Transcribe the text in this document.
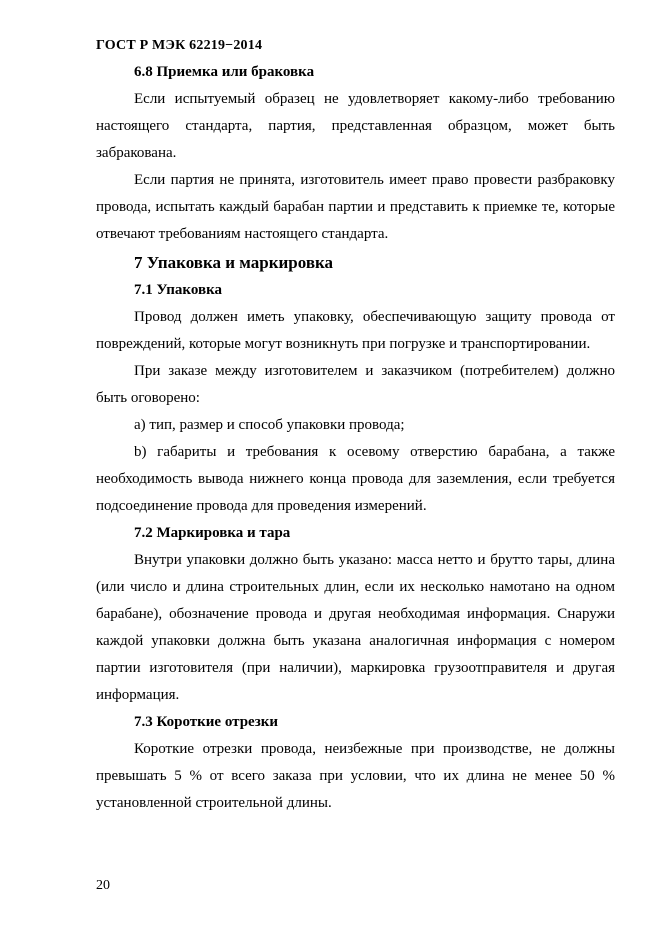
ГОСТ Р МЭК 62219−2014
6.8 Приемка или браковка

Если испытуемый образец не удовлетворяет какому-либо требованию настоящего стандарта, партия, представленная образцом, может быть забракована.

Если партия не принята, изготовитель имеет право провести разбраковку провода, испытать каждый барабан партии и представить к приемке те, которые отвечают требованиям настоящего стандарта.

7 Упаковка и маркировка
7.1 Упаковка

Провод должен иметь упаковку, обеспечивающую защиту провода от повреждений, которые могут возникнуть при погрузке и транспортировании.

При заказе между изготовителем и заказчиком (потребителем) должно быть оговорено:

a) тип, размер и способ упаковки провода;

b) габариты и требования к осевому отверстию барабана, а также необходимость вывода нижнего конца провода для заземления, если требуется подсоединение провода для проведения измерений.

7.2 Маркировка и тара

Внутри упаковки должно быть указано: масса нетто и брутто тары, длина (или число и длина строительных длин, если их несколько намотано на одном барабане), обозначение провода и другая необходимая информация. Снаружи каждой упаковки должна быть указана аналогичная информация с номером партии изготовителя (при наличии), маркировка грузоотправителя и другая информация.

7.3 Короткие отрезки

Короткие отрезки провода, неизбежные при производстве, не должны превышать 5 % от всего заказа при условии, что их длина не менее 50 % установленной строительной длины.

20
